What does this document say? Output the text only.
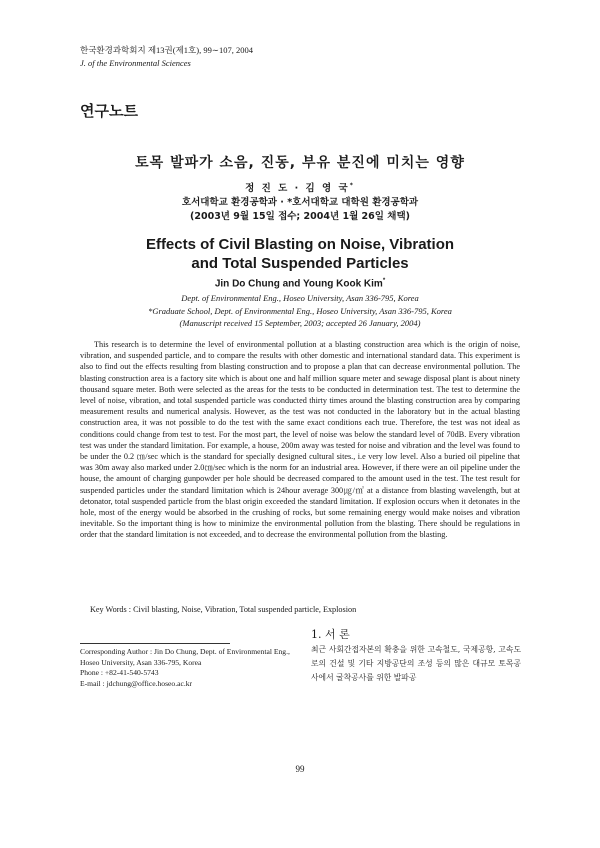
한국환경과학회지 제13권(제1호), 99∼107, 2004
J. of the Environmental Sciences
연구노트
토목 발파가 소음, 진동, 부유 분진에 미치는 영향
정 진 도 · 김 영 국*
호서대학교 환경공학과 · *호서대학교 대학원 환경공학과
(2003년 9월 15일 접수; 2004년 1월 26일 채택)
Effects of Civil Blasting on Noise, Vibration
and Total Suspended Particles
Jin Do Chung and Young Kook Kim*
Dept. of Environmental Eng., Hoseo University, Asan 336-795, Korea
*Graduate School, Dept. of Environmental Eng., Hoseo University, Asan 336-795, Korea
(Manuscript received 15 September, 2003; accepted 26 January, 2004)

This research is to determine the level of environmental pollution at a blasting construction area which is the origin of noise, vibration, and suspended particle, and to compare the results with other domestic and international standard data. This experiment is also to find out the effects resulting from blasting construction and to propose a plan that can decrease environmental pollution. The blasting construction area is a factory site which is about one and half million square meter and sewage disposal plant is about ninety thousand square meter. Both were selected as the areas for the tests to be conducted in determination test. The test to determine the level of noise, vibration, and total suspended particle was conducted thirty times around the blasting construction area by comparing measurement results and numerical analysis. However, as the test was not conducted in the laboratory but in the actual blasting construction area, it was not possible to do the test with the same exact conditions each true. Therefore, the test was not ideal as conditions could change from test to test. For the most part, the level of noise was below the standard level of 70dB. Every vibration test was under the standard limitation. For example, a house, 200m away was tested for noise and vibration and the level was found to be under the 0.2 ㎝/sec which is the standard for specially designed cultural sites., i.e very low level. Also a buried oil pipeline that was 30m away also marked under 2.0㎝/sec which is the norm for an industrial area. However, if there were an oil pipeline under the house, the amount of charging gunpowder per hole should be decreased compared to the amount used in the test. The test result for suspended particles under the standard limitation which is 24hour average 300㎍/㎥ at a distance from blasting wavelength, but at detonator, total suspended particle from the blast origin exceeded the standard limitation. If explosion occurs when it detonates in the hole, most of the energy would be absorbed in the crushing of rocks, but some remaining energy would make noises and vibration inevitable. So the important thing is how to minimize the environmental pollution from the blasting. There should be regulations in order that the standard limitation is not exceeded, and to decrease the environmental pollution from the blasting.

Key Words : Civil blasting, Noise, Vibration, Total suspended particle, Explosion
Corresponding Author : Jin Do Chung, Dept. of Environmental Eng., Hoseo University, Asan 336-795, Korea
Phone : +82-41-540-5743
E-mail : jdchung@office.hoseo.ac.kr
1. 서 론

최근 사회간접자본의 확충을 위한 고속철도, 국제공항, 고속도로의 건설 및 기타 지방공단의 조성 등의 많은 대규모 토목공사에서 굴착공사를 위한 발파공

99
